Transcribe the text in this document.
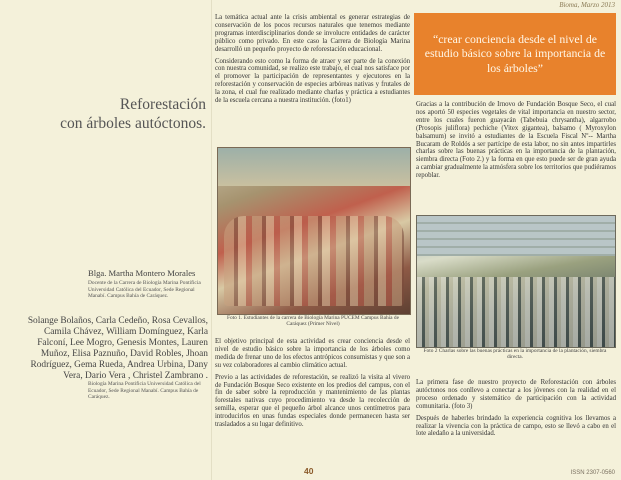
Bioma, Marzo 2013
Reforestación
con árboles autóctonos.
Blga. Martha Montero Morales
Docente de la Carrera de Biología Marina Pontificia Universidad Católica del Ecuador, Sede Regional Manabí. Campus Bahía de Caráquez.
Solange Bolaños, Carla Cedeño, Rosa Cevallos, Camila Chávez, William Domínguez, Karla Falconí, Lee Mogro, Genesis Montes, Lauren Muñoz, Elisa Paznuño, David Robles, Jhoan Rodríguez, Gema Rueda, Andrea Urbina, Dany Vera, Dario Vera , Christel Zambrano .
Biología Marina Pontificia Universidad Católica del Ecuador, Sede Regional Manabí. Campus Bahía de Caráquez.

La temática actual ante la crisis ambiental es generar estrategias de conservación de los pocos recursos naturales que tenemos mediante programas interdisciplinarios donde se involucre entidades de carácter público como privado. En este caso la Carrera de Biología Marina desarrolló un pequeño proyecto de reforestación educacional.

Considerando esto como la forma de atraer y ser parte de la conexión con nuestra comunidad, se realizo este trabajo, el cual nos satisface por el promover la participación de representantes y ejecutores en la reforestación y conservación de especies arbóreas nativas y frutales de la zona, el cual fue realizado mediante charlas y práctica a estudiantes de la escuela cercana a nuestra institución. (foto1)

Foto 1. Estudiantes de la carrera de Biología Marina PUCEM Campus Bahía de Caráquez (Primer Nivel)

El objetivo principal de esta actividad es crear conciencia desde el nivel de estudio básico sobre la importancia de los árboles como medida de frenar uno de los efectos antrópicos consumistas y que son a su vez colaboradores al cambio climático actual.

Previo a las actividades de reforestación, se realizó la visita al vivero de Fundación Bosque Seco existente en los predios del campus, con el fin de saber sobre la reproducción y mantenimiento de las plantas forestales nativas cuyo procedimiento va desde la recolección de semilla, esperar que el pequeño árbol alcance unos centímetros para introducirlos en unas fundas especiales donde permanecen hasta ser trasladados a su lugar definitivo.

“crear conciencia desde el nivel de estudio básico sobre la importancia de los árboles”

Gracias a la contribución de Irnovo de Fundación Bosque Seco, el cual nos aportó 50 especies vegetales de vital importancia en nuestro sector, entre los cuales fueron guayacán (Tabebuia chrysantha), algarrobo (Prosopis juliflora) pechiche (Vitex gigantea), balsamo ( Myroxylon balsamum) se invitó a estudiantes de la Escuela Fiscal Nº-- Martha Bucaram de Roldós a ser partícipe de esta labor, no sin antes impartirles charlas sobre las buenas prácticas en la importancia de la plantación, siembra directa (Foto 2.) y la forma en que esto puede ser de gran ayuda a cambiar gradualmente la atmósfera sobre los territorios que pudiéramos repoblar.

Foto 2 Charlas sobre las buenas prácticas en la importancia de la plantación, siembra directa.

La primera fase de nuestro proyecto de Reforestación con árboles autóctonos nos conllevo a conectar a los jóvenes con la realidad en el proceso ordenado y sistemático de participación con la actividad comunitaria. (foto 3)

Después de haberles brindado la experiencia cognitiva los llevamos a realizar la vivencia con la práctica de campo, esto se llevó a cabo en el lote aledaño a la universidad.

40	ISSN 2307-0560
